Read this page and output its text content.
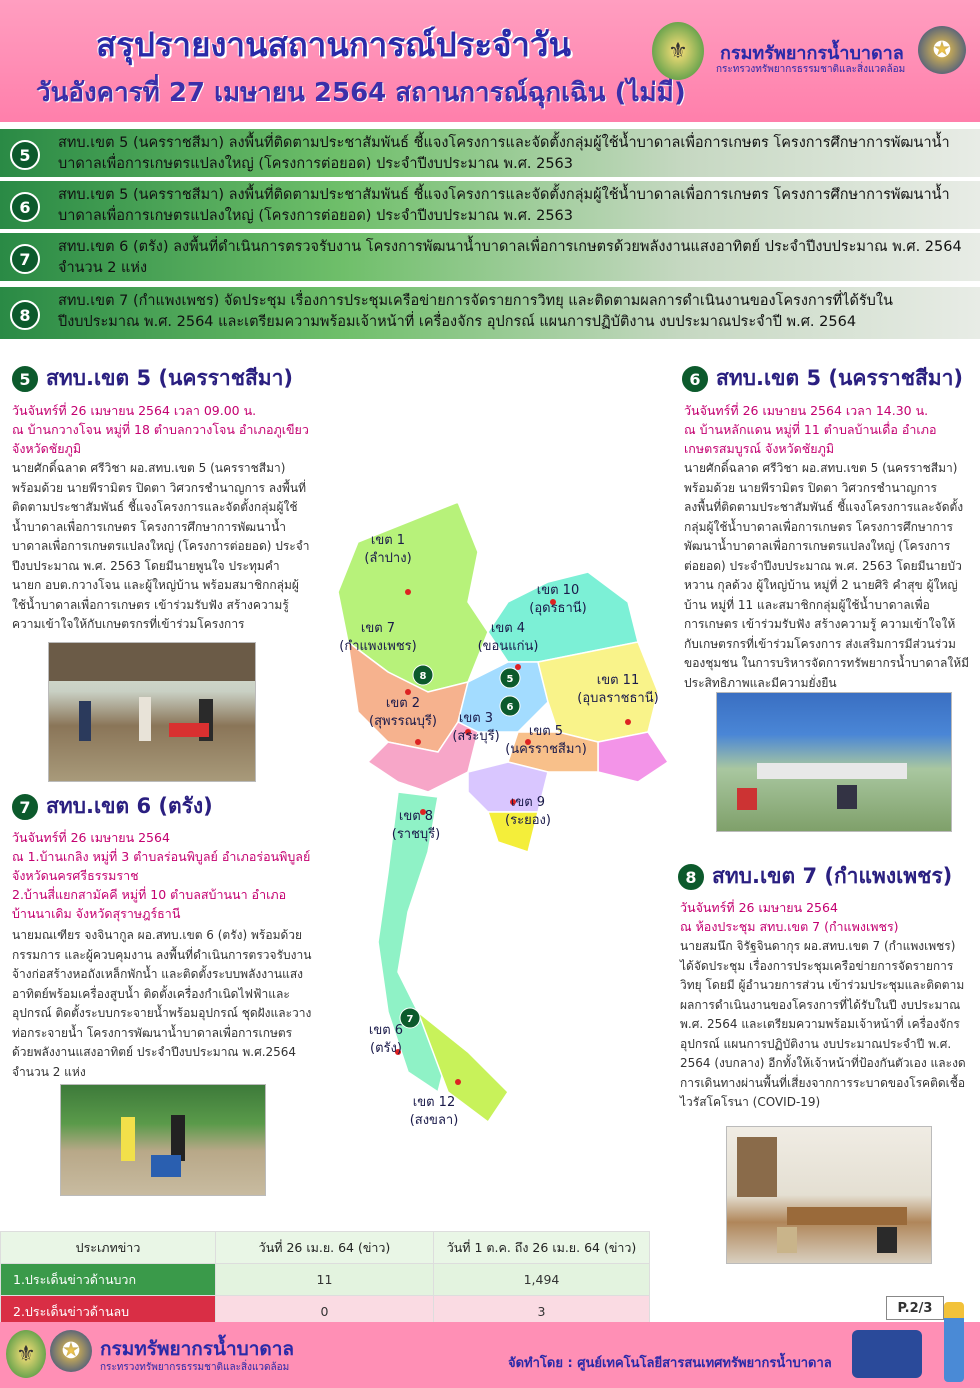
สรุปรายงานสถานการณ์ประจำวัน
วันอังคารที่ 27 เมษายน 2564 สถานการณ์ฉุกเฉิน (ไม่มี)
⚜	กรมทรัพยากรน้ำบาดาล
กระทรวงทรัพยากรธรรมชาติและสิ่งแวดล้อม
✪
5
สทบ.เขต 5 (นครราชสีมา) ลงพื้นที่ติดตามประชาสัมพันธ์ ชี้แจงโครงการและจัดตั้งกลุ่มผู้ใช้น้ำบาดาลเพื่อการเกษตร โครงการศึกษาการพัฒนาน้ำบาดาลเพื่อการเกษตรแปลงใหญ่ (โครงการต่อยอด) ประจำปีงบประมาณ พ.ศ. 2563
6
สทบ.เขต 5 (นครราชสีมา) ลงพื้นที่ติดตามประชาสัมพันธ์ ชี้แจงโครงการและจัดตั้งกลุ่มผู้ใช้น้ำบาดาลเพื่อการเกษตร โครงการศึกษาการพัฒนาน้ำบาดาลเพื่อการเกษตรแปลงใหญ่ (โครงการต่อยอด) ประจำปีงบประมาณ พ.ศ. 2563
7
สทบ.เขต 6 (ตรัง) ลงพื้นที่ดำเนินการตรวจรับงาน โครงการพัฒนาน้ำบาดาลเพื่อการเกษตรด้วยพลังงานแสงอาทิตย์ ประจำปีงบประมาณ พ.ศ. 2564 จำนวน 2 แห่ง
8
สทบ.เขต 7 (กำแพงเพชร) จัดประชุม เรื่องการประชุมเครือข่ายการจัดรายการวิทยุ และติดตามผลการดำเนินงานของโครงการที่ได้รับในปีงบประมาณ พ.ศ. 2564 และเตรียมความพร้อมเจ้าหน้าที่ เครื่องจักร อุปกรณ์ แผนการปฏิบัติงาน งบประมาณประจำปี พ.ศ. 2564
5 สทบ.เขต 5 (นครราชสีมา)
วันจันทร์ที่ 26 เมษายน 2564 เวลา 09.00 น.
ณ บ้านกวางโจน หมู่ที่ 18 ตำบลกวางโจน อำเภอภูเขียว จังหวัดชัยภูมิ
นายศักดิ์ฉลาด ศรีวิชา ผอ.สทบ.เขต 5 (นครราชสีมา) พร้อมด้วย นายพีรามิตร ปิดตา วิศวกรชำนาญการ ลงพื้นที่ติดตามประชาสัมพันธ์ ชี้แจงโครงการและจัดตั้งกลุ่มผู้ใช้น้ำบาดาลเพื่อการเกษตร โครงการศึกษาการพัฒนาน้ำบาดาลเพื่อการเกษตรแปลงใหญ่ (โครงการต่อยอด) ประจำปีงบประมาณ พ.ศ. 2563 โดยมีนายพูนใจ ประทุมคำ นายก อบต.กวางโจน และผู้ใหญ่บ้าน พร้อมสมาชิกกลุ่มผู้ใช้น้ำบาดาลเพื่อการเกษตร เข้าร่วมรับฟัง สร้างความรู้ความเข้าใจให้กับเกษตรกรที่เข้าร่วมโครงการ
6 สทบ.เขต 5 (นครราชสีมา)
วันจันทร์ที่ 26 เมษายน 2564 เวลา 14.30 น.
ณ บ้านหลักแดน หมู่ที่ 11 ตำบลบ้านเดื่อ อำเภอเกษตรสมบูรณ์ จังหวัดชัยภูมิ
นายศักดิ์ฉลาด ศรีวิชา ผอ.สทบ.เขต 5 (นครราชสีมา) พร้อมด้วย นายพีรามิตร ปิดตา วิศวกรชำนาญการ ลงพื้นที่ติดตามประชาสัมพันธ์ ชี้แจงโครงการและจัดตั้งกลุ่มผู้ใช้น้ำบาดาลเพื่อการเกษตร โครงการศึกษาการพัฒนาน้ำบาดาลเพื่อการเกษตรแปลงใหญ่ (โครงการต่อยอด) ประจำปีงบประมาณ พ.ศ. 2563 โดยมีนายบัวหวาน กุลด้วง ผู้ใหญ่บ้าน หมู่ที่ 2 นายศิริ คำสุข ผู้ใหญ่บ้าน หมู่ที่ 11 และสมาชิกกลุ่มผู้ใช้น้ำบาดาลเพื่อการเกษตร เข้าร่วมรับฟัง สร้างความรู้ ความเข้าใจให้กับเกษตรกรที่เข้าร่วมโครงการ ส่งเสริมการมีส่วนร่วมของชุมชน ในการบริหารจัดการทรัพยากรน้ำบาดาลให้มีประสิทธิภาพและมีความยั่งยืน
7 สทบ.เขต 6 (ตรัง)
วันจันทร์ที่ 26 เมษายน 2564
ณ 1.บ้านเกลิง หมู่ที่ 3 ตำบลร่อนพิบูลย์ อำเภอร่อนพิบูลย์ จังหวัดนครศรีธรรมราช
2.บ้านสี่แยกสามัคคี หมู่ที่ 10 ตำบลสบ้านนา อำเภอบ้านนาเดิม จังหวัดสุราษฎร์ธานี
นายมณเฑียร จงจินากูล ผอ.สทบ.เขต 6 (ตรัง) พร้อมด้วยกรรมการ และผู้ควบคุมงาน ลงพื้นที่ดำเนินการตรวจรับงานจ้างก่อสร้างหอถังเหล็กพักน้ำ และติดตั้งระบบพลังงานแสงอาทิตย์พร้อมเครื่องสูบน้ำ ติดตั้งเครื่องกำเนิดไฟฟ้าและอุปกรณ์ ติดตั้งระบบกระจายน้ำพร้อมอุปกรณ์ ชุดฝังและวางท่อกระจายน้ำ โครงการพัฒนาน้ำบาดาลเพื่อการเกษตรด้วยพลังงานแสงอาทิตย์ ประจำปีงบประมาณ พ.ศ.2564 จำนวน 2 แห่ง
8 สทบ.เขต 7 (กำแพงเพชร)
วันจันทร์ที่ 26 เมษายน 2564
ณ ห้องประชุม สทบ.เขต 7 (กำแพงเพชร)
นายสมนึก จิรัฐจินดากุร ผอ.สทบ.เขต 7 (กำแพงเพชร) ได้จัดประชุม เรื่องการประชุมเครือข่ายการจัดรายการวิทยุ โดยมี ผู้อำนวยการส่วน เข้าร่วมประชุมและติดตามผลการดำเนินงานของโครงการที่ได้รับในปี งบประมาณ พ.ศ. 2564 และเตรียมความพร้อมเจ้าหน้าที่ เครื่องจักร อุปกรณ์ แผนการปฏิบัติงาน งบประมาณประจำปี พ.ศ. 2564 (งบกลาง) อีกทั้งให้เจ้าหน้าที่ป้องกันตัวเอง และงดการเดินทางผ่านพื้นที่เสี่ยงจากการระบาดของโรคติดเชื้อไวรัสโคโรนา (COVID-19)
เขต 1
(ลำปาง)
เขต 10
(อุดรธานี)
เขต 7
(กำแพงเพชร)
เขต 4
(ขอนแก่น)
เขต 11
(อุบลราชธานี)
เขต 2
(สุพรรณบุรี) เขต 3
(สระบุรี) เขต 5
(นครราชสีมา)
เขต 9
(ระยอง)
เขต 8
(ราชบุรี)
เขต 6
(ตรัง)
เขต 12
(สงขลา)
8	5
6
7
ประเภทข่าว	วันที่ 26 เม.ย. 64 (ข่าว)	วันที่ 1 ต.ค. ถึง 26 เม.ย. 64 (ข่าว)
1.ประเด็นข่าวด้านบวก	11	1,494
2.ประเด็นข่าวด้านลบ	0	3	P.2/3
⚜	✪	กรมทรัพยากรน้ำบาดาล
กระทรวงทรัพยากรธรรมชาติและสิ่งแวดล้อม	จัดทำโดย : ศูนย์เทคโนโลยีสารสนเทศทรัพยากรน้ำบาดาล
